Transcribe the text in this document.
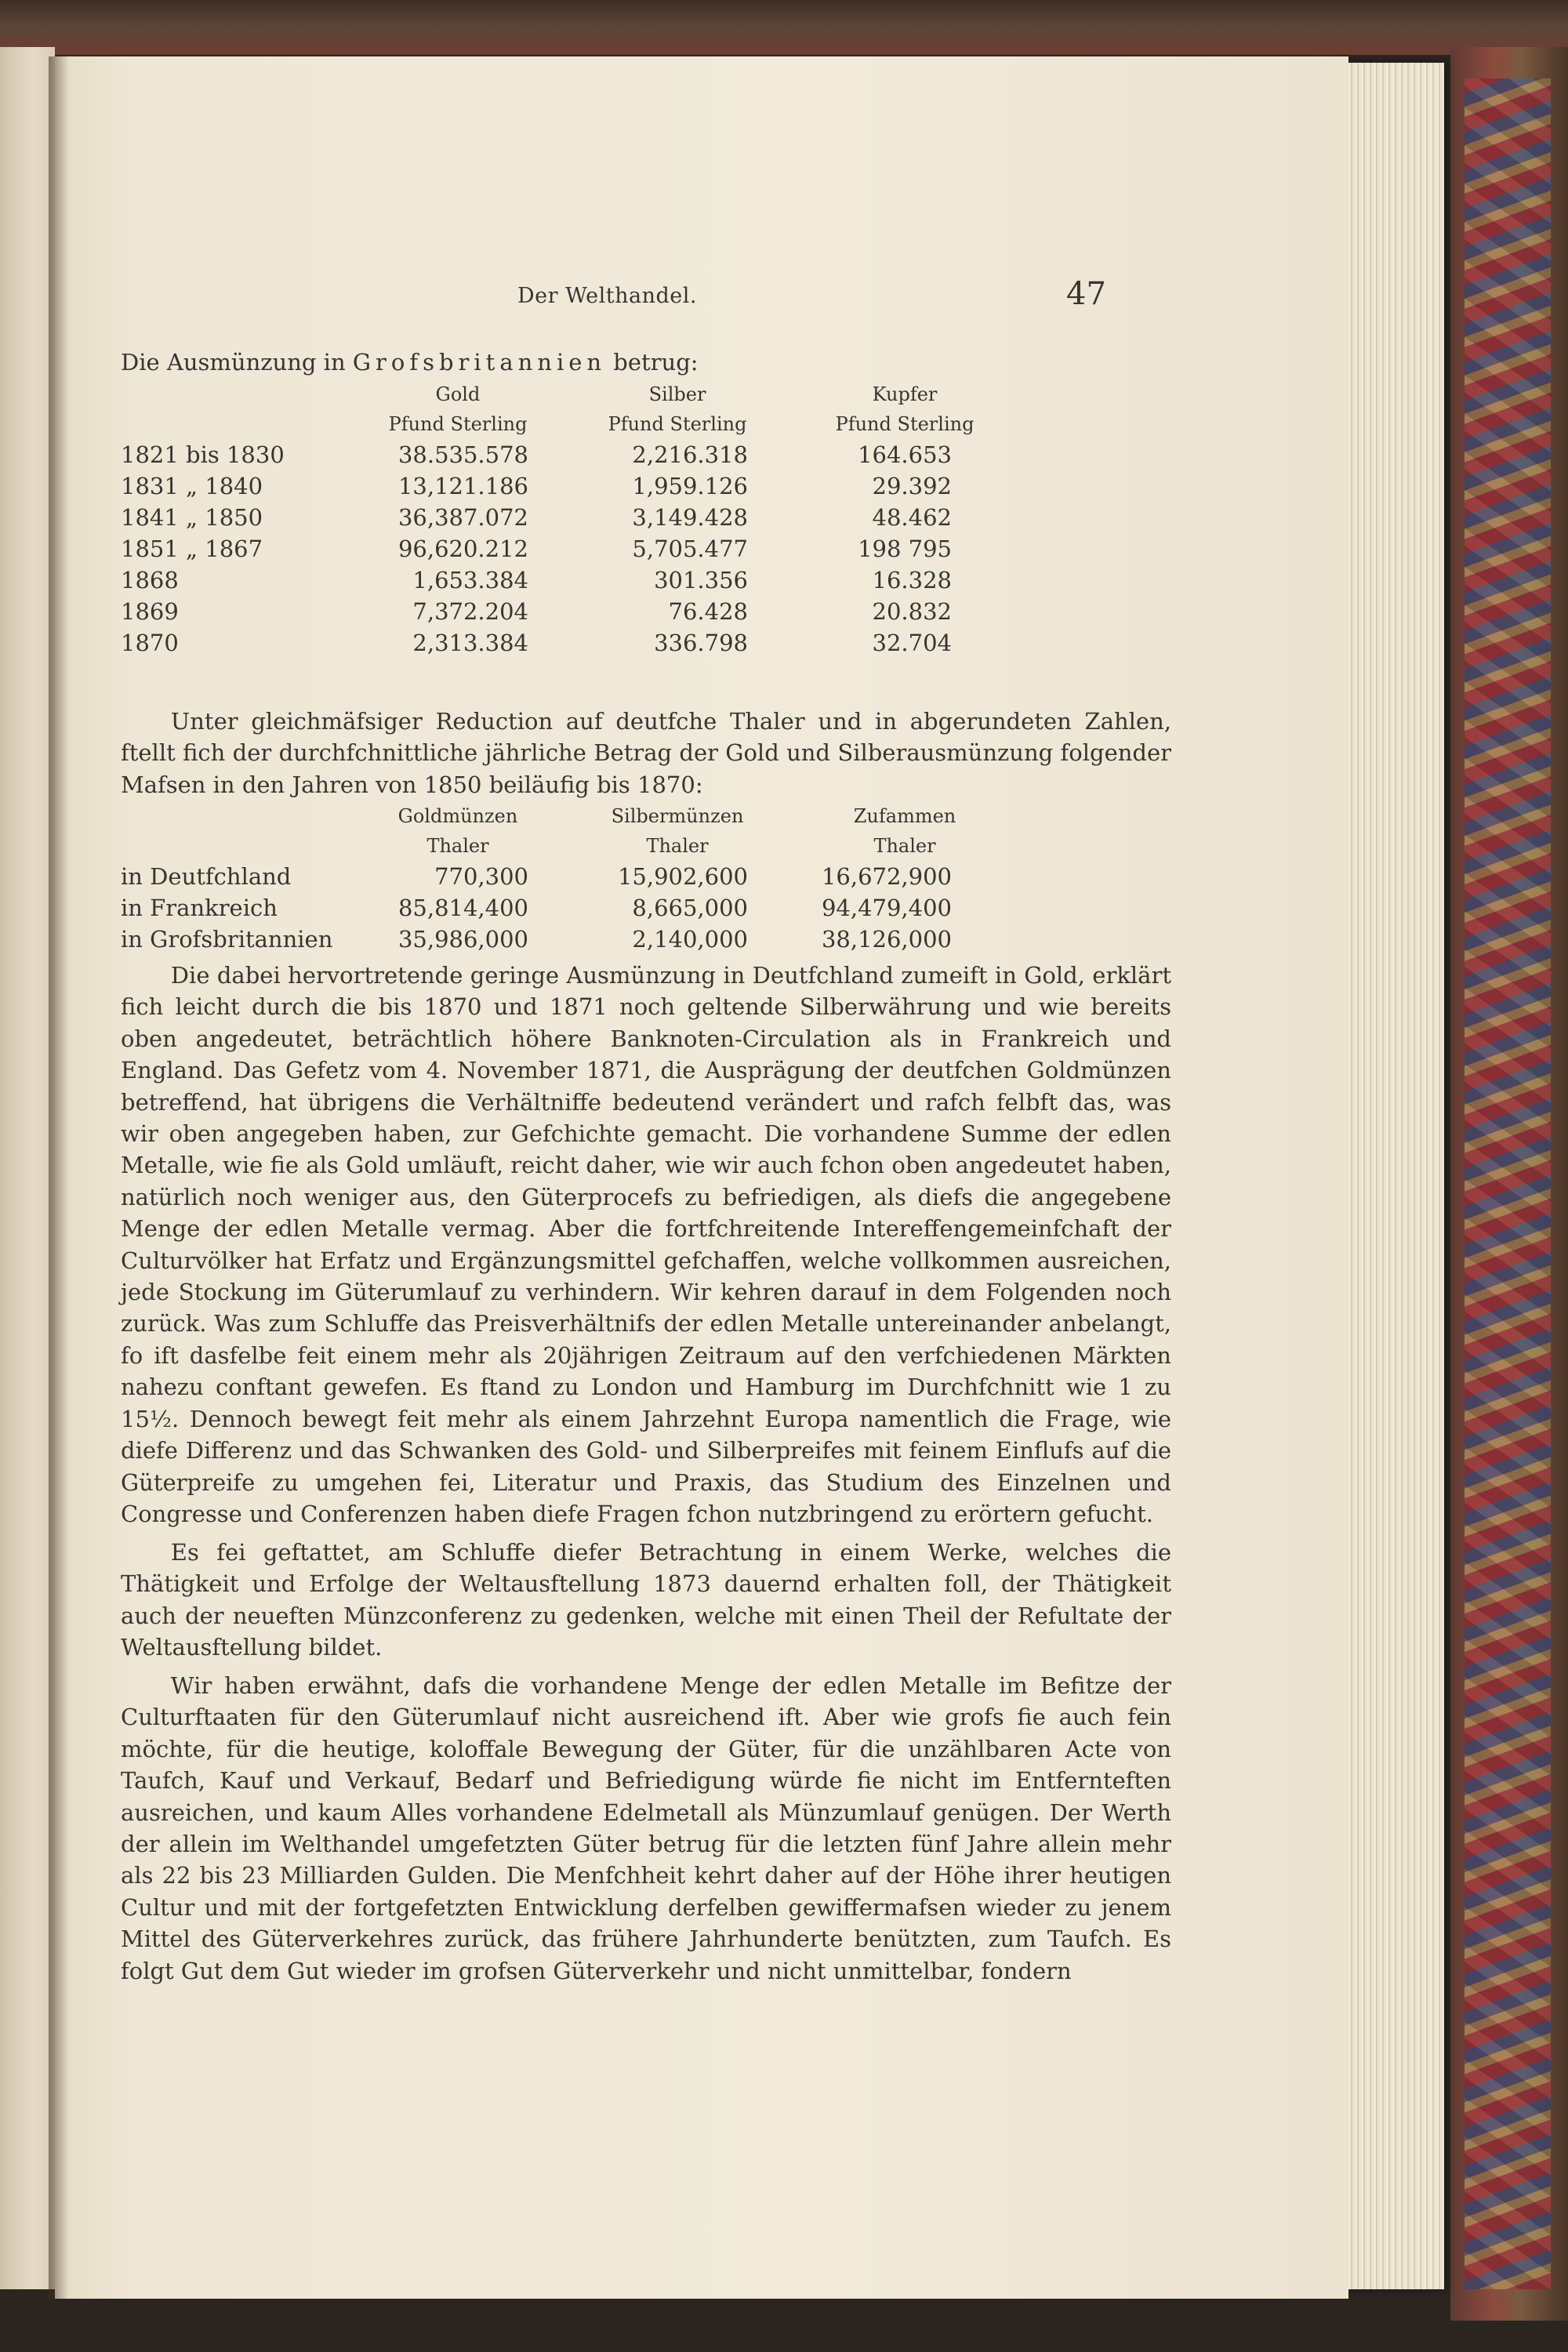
Der Welthandel.	47
Die Ausmünzung in Grofsbritannien betrug:
	Gold	Silber	Kupfer
	Pfund Sterling	Pfund Sterling	Pfund Sterling
1821 bis 1830	38.535.578	2,216.318	164.653
1831 „ 1840	13,121.186	1,959.126	29.392
1841 „ 1850	36,387.072	3,149.428	48.462
1851 „ 1867	96,620.212	5,705.477	198 795
1868	1,653.384	301.356	16.328
1869	7,372.204	76.428	20.832
1870	2,313.384	336.798	32.704

Unter gleichmäfsiger Reduction auf deutfche Thaler und in abgerundeten Zahlen, ftellt fich der durchfchnittliche jährliche Betrag der Gold und Silberausmünzung folgender Mafsen in den Jahren von 1850 beiläufig bis 1870:

	Goldmünzen	Silbermünzen	Zufammen
	Thaler	Thaler	Thaler
in Deutfchland	770,300	15,902,600	16,672,900
in Frankreich	85,814,400	8,665,000	94,479,400
in Grofsbritannien	35,986,000	2,140,000	38,126,000

Die dabei hervortretende geringe Ausmünzung in Deutfchland zumeift in Gold, erklärt fich leicht durch die bis 1870 und 1871 noch geltende Silberwährung und wie bereits oben angedeutet, beträchtlich höhere Banknoten-Circulation als in Frankreich und England. Das Gefetz vom 4. November 1871, die Ausprägung der deutfchen Goldmünzen betreffend, hat übrigens die Verhältniffe bedeutend verändert und rafch felbft das, was wir oben angegeben haben, zur Gefchichte gemacht. Die vorhandene Summe der edlen Metalle, wie fie als Gold umläuft, reicht daher, wie wir auch fchon oben angedeutet haben, natürlich noch weniger aus, den Güterprocefs zu befriedigen, als diefs die angegebene Menge der edlen Metalle vermag. Aber die fortfchreitende Intereffengemeinfchaft der Culturvölker hat Erfatz und Ergänzungsmittel gefchaffen, welche vollkommen ausreichen, jede Stockung im Güterumlauf zu verhindern. Wir kehren darauf in dem Folgenden noch zurück. Was zum Schluffe das Preisverhältnifs der edlen Metalle untereinander anbelangt, fo ift dasfelbe feit einem mehr als 20jährigen Zeitraum auf den verfchiedenen Märkten nahezu conftant gewefen. Es ftand zu London und Hamburg im Durchfchnitt wie 1 zu 15½. Dennoch bewegt feit mehr als einem Jahrzehnt Europa namentlich die Frage, wie diefe Differenz und das Schwanken des Gold- und Silberpreifes mit feinem Einflufs auf die Güterpreife zu umgehen fei, Literatur und Praxis, das Studium des Einzelnen und Congresse und Conferenzen haben diefe Fragen fchon nutzbringend zu erörtern gefucht.

Es fei geftattet, am Schluffe diefer Betrachtung in einem Werke, welches die Thätigkeit und Erfolge der Weltausftellung 1873 dauernd erhalten foll, der Thätigkeit auch der neueften Münzconferenz zu gedenken, welche mit einen Theil der Refultate der Weltausftellung bildet.

Wir haben erwähnt, dafs die vorhandene Menge der edlen Metalle im Befitze der Culturftaaten für den Güterumlauf nicht ausreichend ift. Aber wie grofs fie auch fein möchte, für die heutige, koloffale Bewegung der Güter, für die unzählbaren Acte von Taufch, Kauf und Verkauf, Bedarf und Befriedigung würde fie nicht im Entfernteften ausreichen, und kaum Alles vorhandene Edelmetall als Münzumlauf genügen. Der Werth der allein im Welthandel umgefetzten Güter betrug für die letzten fünf Jahre allein mehr als 22 bis 23 Milliarden Gulden. Die Menfchheit kehrt daher auf der Höhe ihrer heutigen Cultur und mit der fortgefetzten Entwicklung derfelben gewiffermafsen wieder zu jenem Mittel des Güterverkehres zurück, das frühere Jahrhunderte benützten, zum Taufch. Es folgt Gut dem Gut wieder im grofsen Güterverkehr und nicht unmittelbar, fondern
